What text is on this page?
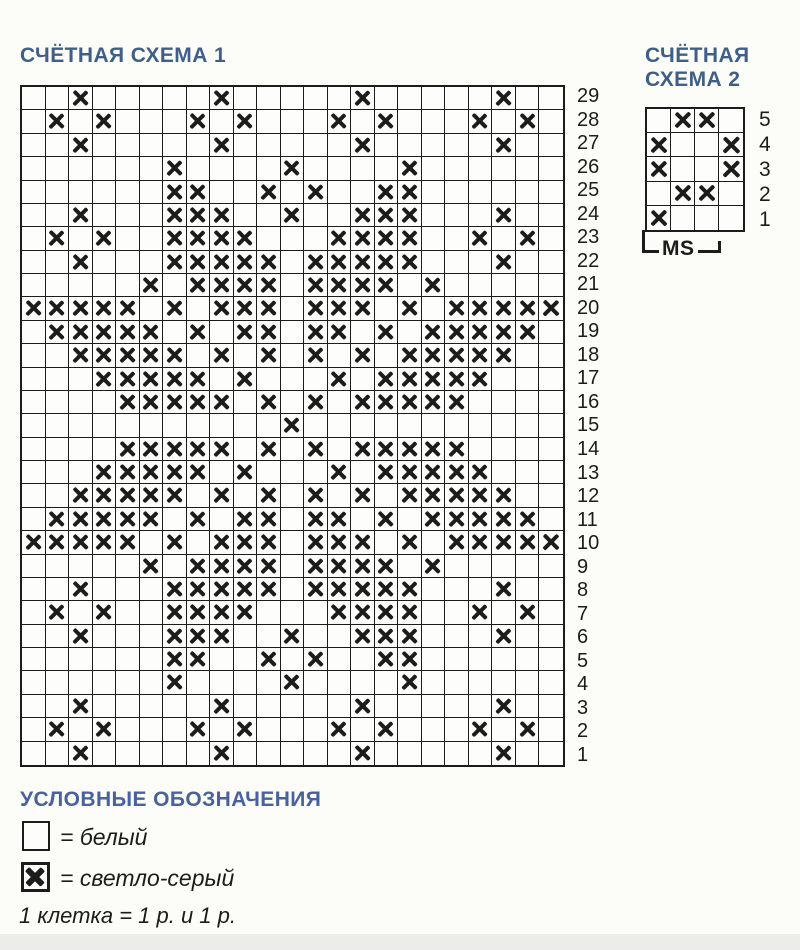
СЧЁТНАЯ СХЕМА 1
29
28
27
26
25
24
23
22
21
20
19
18
17
16
15
14
13
12
11
10
9
8
7
6
5
4
3
2
1
СЧЁТНАЯ
СХЕМА 2
5
4
3
2
1
MS
УСЛОВНЫЕ ОБОЗНАЧЕНИЯ
= белый
= светло-серый
1 клетка = 1 р. и 1 р.
